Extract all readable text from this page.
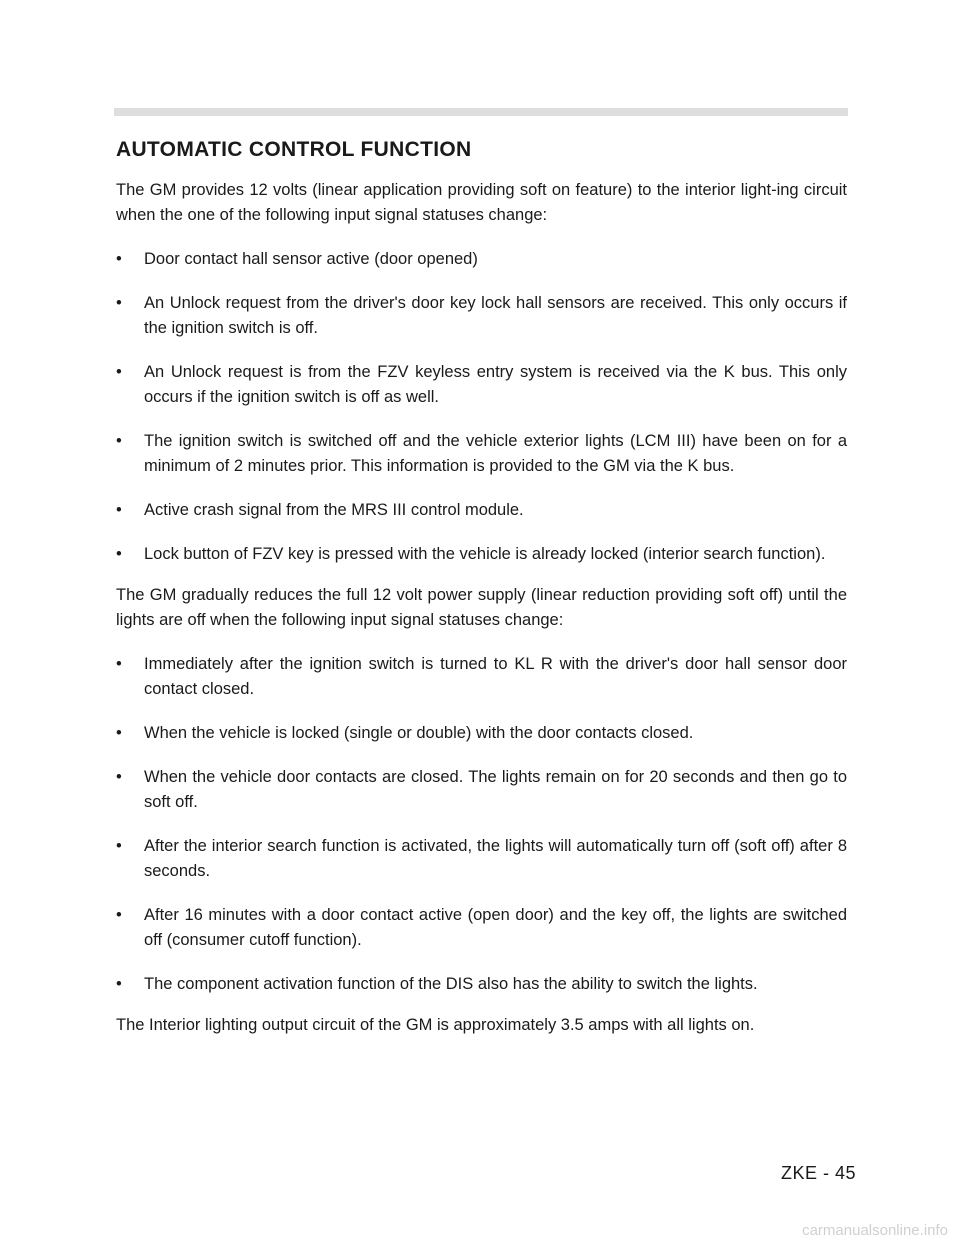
AUTOMATIC CONTROL FUNCTION

The GM provides 12 volts (linear application providing soft on feature) to the interior light-ing circuit when the one of the following input signal statuses change:

• Door contact hall sensor active (door opened)
• An Unlock request from the driver's door key lock hall sensors are received. This only occurs if the ignition switch is off.
• An Unlock request is from the FZV keyless entry system is received via the K bus. This only occurs if the ignition switch is off as well.
• The ignition switch is switched off and the vehicle exterior lights (LCM III) have been on for a minimum of 2 minutes prior. This information is provided to the GM via the K bus.
• Active crash signal from the MRS III control module.
• Lock button of FZV key is pressed with the vehicle is already locked (interior search function).

The GM gradually reduces the full 12 volt power supply (linear reduction providing soft off) until the lights are off when the following input signal statuses change:

• Immediately after the ignition switch is turned to KL R with the driver's door hall sensor door contact closed.
• When the vehicle is locked (single or double) with the door contacts closed.
• When the vehicle door contacts are closed. The lights remain on for 20 seconds and then go to soft off.
• After the interior search function is activated, the lights will automatically turn off (soft off) after 8 seconds.
• After 16 minutes with a door contact active (open door) and the key off, the lights are switched off (consumer cutoff function).
• The component activation function of the DIS also has the ability to switch the lights.

The Interior lighting output circuit of the GM is approximately 3.5 amps with all lights on.

ZKE - 45
carmanualsonline.info
